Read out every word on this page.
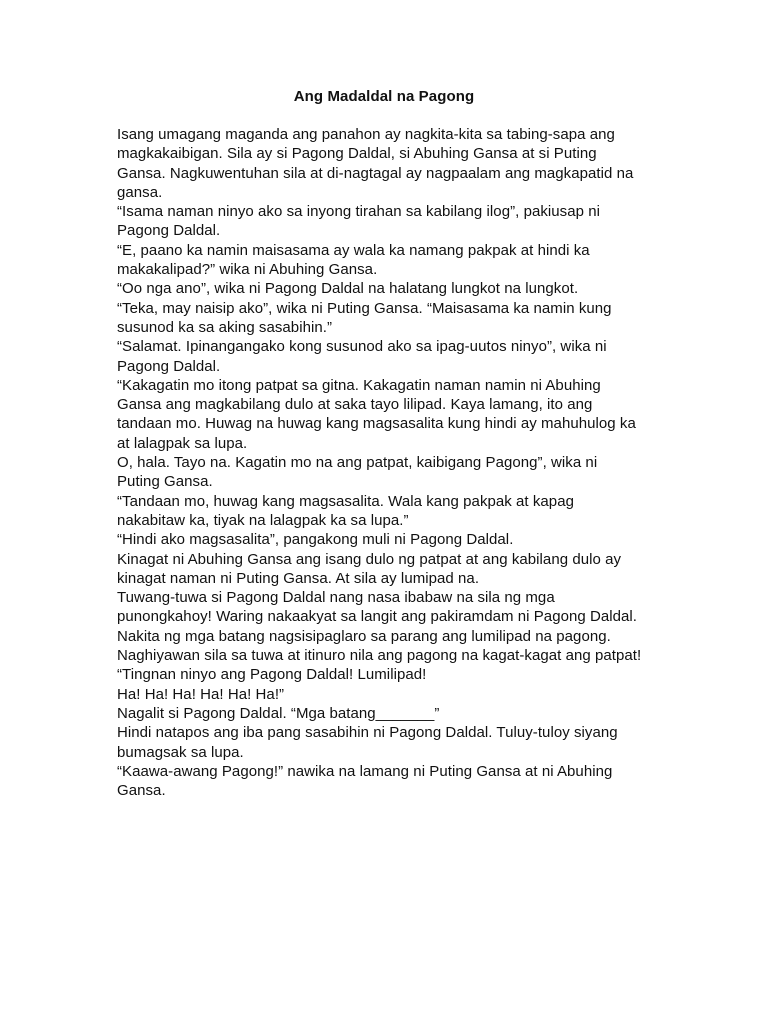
Ang Madaldal na Pagong
Isang umagang maganda ang panahon ay nagkita-kita sa tabing-sapa ang
magkakaibigan. Sila ay si Pagong Daldal, si Abuhing Gansa at si Puting
Gansa. Nagkuwentuhan sila at di-nagtagal ay nagpaalam ang magkapatid na
gansa.
“Isama naman ninyo ako sa inyong tirahan sa kabilang ilog”, pakiusap ni
Pagong Daldal.
“E, paano ka namin maisasama ay wala ka namang pakpak at hindi ka
makakalipad?” wika ni Abuhing Gansa.
“Oo nga ano”, wika ni Pagong Daldal na halatang lungkot na lungkot.
“Teka, may naisip ako”, wika ni Puting Gansa. “Maisasama ka namin kung
susunod ka sa aking sasabihin.”
“Salamat. Ipinangangako kong susunod ako sa ipag-uutos ninyo”, wika ni
Pagong Daldal.
“Kakagatin mo itong patpat sa gitna. Kakagatin naman namin ni Abuhing
Gansa ang magkabilang dulo at saka tayo lilipad. Kaya lamang, ito ang
tandaan mo. Huwag na huwag kang magsasalita kung hindi ay mahuhulog ka
at lalagpak sa lupa.
O, hala. Tayo na. Kagatin mo na ang patpat, kaibigang Pagong”, wika ni
Puting Gansa.
“Tandaan mo, huwag kang magsasalita. Wala kang pakpak at kapag
nakabitaw ka, tiyak na lalagpak ka sa lupa.”
“Hindi ako magsasalita”, pangakong muli ni Pagong Daldal.
Kinagat ni Abuhing Gansa ang isang dulo ng patpat at ang kabilang dulo ay
kinagat naman ni Puting Gansa. At sila ay lumipad na.
Tuwang-tuwa si Pagong Daldal nang nasa ibabaw na sila ng mga
punongkahoy! Waring nakaakyat sa langit ang pakiramdam ni Pagong Daldal.
Nakita ng mga batang nagsisipaglaro sa parang ang lumilipad na pagong.
Naghiyawan sila sa tuwa at itinuro nila ang pagong na kagat-kagat ang patpat!
“Tingnan ninyo ang Pagong Daldal! Lumilipad!
Ha! Ha! Ha! Ha! Ha! Ha!”
Nagalit si Pagong Daldal. “Mga batang_______”
Hindi natapos ang iba pang sasabihin ni Pagong Daldal. Tuluy-tuloy siyang
bumagsak sa lupa.
“Kaawa-awang Pagong!” nawika na lamang ni Puting Gansa at ni Abuhing
Gansa.
